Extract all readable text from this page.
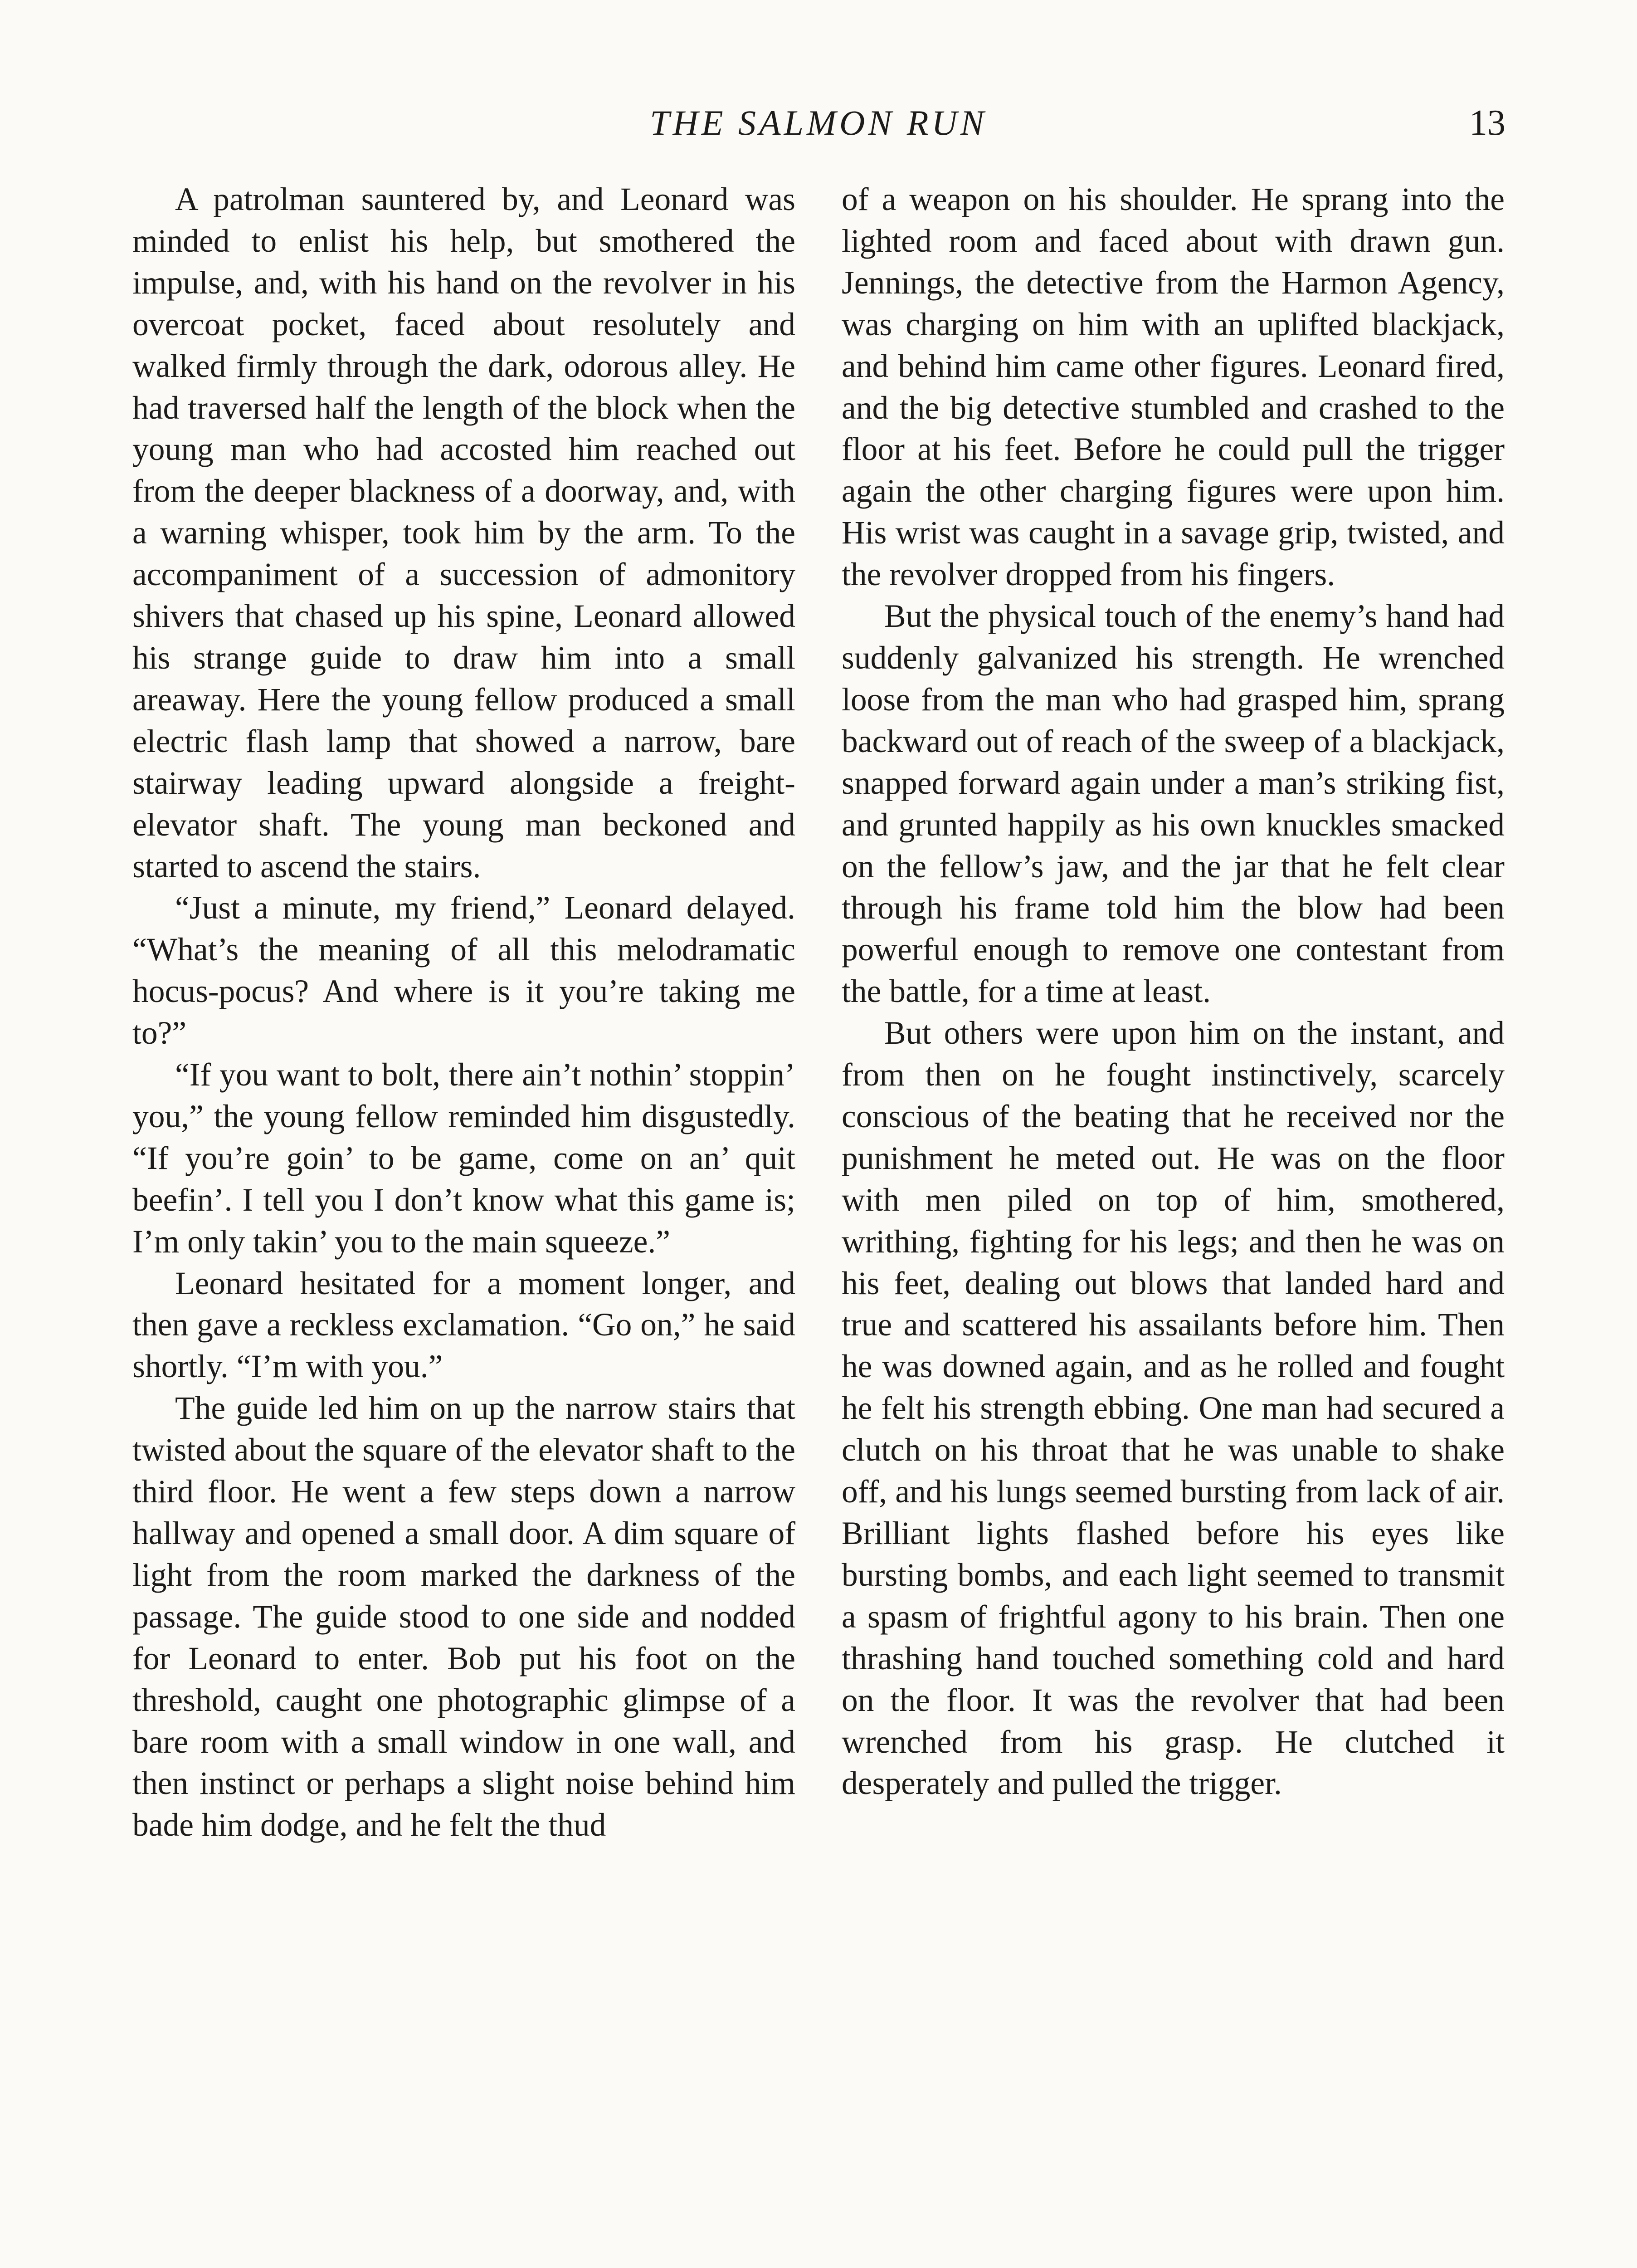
THE SALMON RUN	13

A patrolman sauntered by, and Leonard was minded to enlist his help, but smothered the impulse, and, with his hand on the revolver in his overcoat pocket, faced about resolutely and walked firmly through the dark, odorous alley. He had traversed half the length of the block when the young man who had accosted him reached out from the deeper blackness of a doorway, and, with a warning whisper, took him by the arm. To the accompaniment of a succession of admonitory shivers that chased up his spine, Leonard allowed his strange guide to draw him into a small areaway. Here the young fellow produced a small electric flash lamp that showed a narrow, bare stairway leading upward alongside a freight-elevator shaft. The young man beckoned and started to ascend the stairs.

“Just a minute, my friend,” Leonard delayed. “What’s the meaning of all this melodramatic hocus-pocus? And where is it you’re taking me to?”

“If you want to bolt, there ain’t nothin’ stoppin’ you,” the young fellow reminded him disgustedly. “If you’re goin’ to be game, come on an’ quit beefin’. I tell you I don’t know what this game is; I’m only takin’ you to the main squeeze.”

Leonard hesitated for a moment longer, and then gave a reckless exclamation. “Go on,” he said shortly. “I’m with you.”

The guide led him on up the narrow stairs that twisted about the square of the elevator shaft to the third floor. He went a few steps down a narrow hallway and opened a small door. A dim square of light from the room marked the darkness of the passage. The guide stood to one side and nodded for Leonard to enter. Bob put his foot on the threshold, caught one photographic glimpse of a bare room with a small window in one wall, and then instinct or perhaps a slight noise behind him bade him dodge, and he felt the thud

of a weapon on his shoulder. He sprang into the lighted room and faced about with drawn gun. Jennings, the detective from the Harmon Agency, was charging on him with an uplifted blackjack, and behind him came other figures. Leonard fired, and the big detective stumbled and crashed to the floor at his feet. Before he could pull the trigger again the other charging figures were upon him. His wrist was caught in a savage grip, twisted, and the revolver dropped from his fingers.

But the physical touch of the enemy’s hand had suddenly galvanized his strength. He wrenched loose from the man who had grasped him, sprang backward out of reach of the sweep of a blackjack, snapped forward again under a man’s striking fist, and grunted happily as his own knuckles smacked on the fellow’s jaw, and the jar that he felt clear through his frame told him the blow had been powerful enough to remove one contestant from the battle, for a time at least.

But others were upon him on the instant, and from then on he fought instinctively, scarcely conscious of the beating that he received nor the punishment he meted out. He was on the floor with men piled on top of him, smothered, writhing, fighting for his legs; and then he was on his feet, dealing out blows that landed hard and true and scattered his assailants before him. Then he was downed again, and as he rolled and fought he felt his strength ebbing. One man had secured a clutch on his throat that he was unable to shake off, and his lungs seemed bursting from lack of air. Brilliant lights flashed before his eyes like bursting bombs, and each light seemed to transmit a spasm of frightful agony to his brain. Then one thrashing hand touched something cold and hard on the floor. It was the revolver that had been wrenched from his grasp. He clutched it desperately and pulled the trigger.
